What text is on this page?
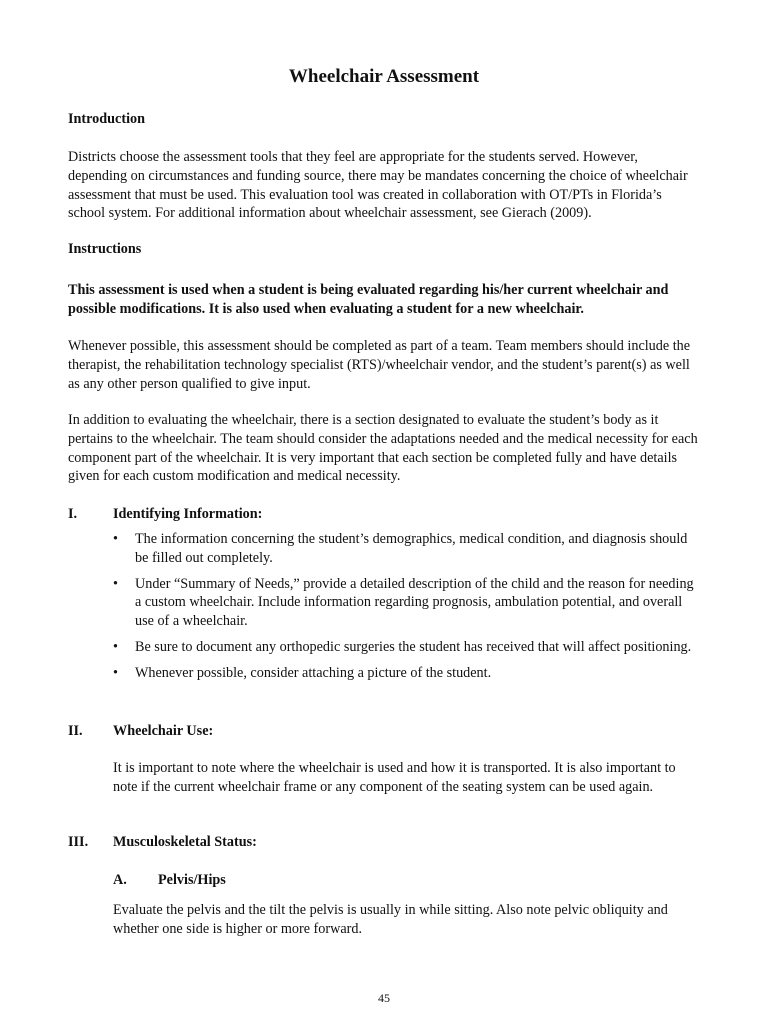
Wheelchair Assessment
Introduction

Districts choose the assessment tools that they feel are appropriate for the students served. However, depending on circumstances and funding source, there may be mandates concerning the choice of wheelchair assessment that must be used. This evaluation tool was created in collaboration with OT/PTs in Florida’s school system. For additional information about wheelchair assessment, see Gierach (2009).

Instructions

This assessment is used when a student is being evaluated regarding his/her current wheelchair and possible modifications. It is also used when evaluating a student for a new wheelchair.

Whenever possible, this assessment should be completed as part of a team. Team members should include the therapist, the rehabilitation technology specialist (RTS)/wheelchair vendor, and the student’s parent(s) as well as any other person qualified to give input.

In addition to evaluating the wheelchair, there is a section designated to evaluate the student’s body as it pertains to the wheelchair. The team should consider the adaptations needed and the medical necessity for each component part of the wheelchair. It is very important that each section be completed fully and have details given for each custom modification and medical necessity.

I.	Identifying Information:
• The information concerning the student’s demographics, medical condition, and diagnosis should be filled out completely.
• Under “Summary of Needs,” provide a detailed description of the child and the reason for needing a custom wheelchair. Include information regarding prognosis, ambulation potential, and overall use of a wheelchair.
• Be sure to document any orthopedic surgeries the student has received that will affect positioning.
• Whenever possible, consider attaching a picture of the student.
II. Wheelchair Use:

It is important to note where the wheelchair is used and how it is transported. It is also important to note if the current wheelchair frame or any component of the seating system can be used again.

III. Musculoskeletal Status:
A. Pelvis/Hips

Evaluate the pelvis and the tilt the pelvis is usually in while sitting. Also note pelvic obliquity and whether one side is higher or more forward.

45
